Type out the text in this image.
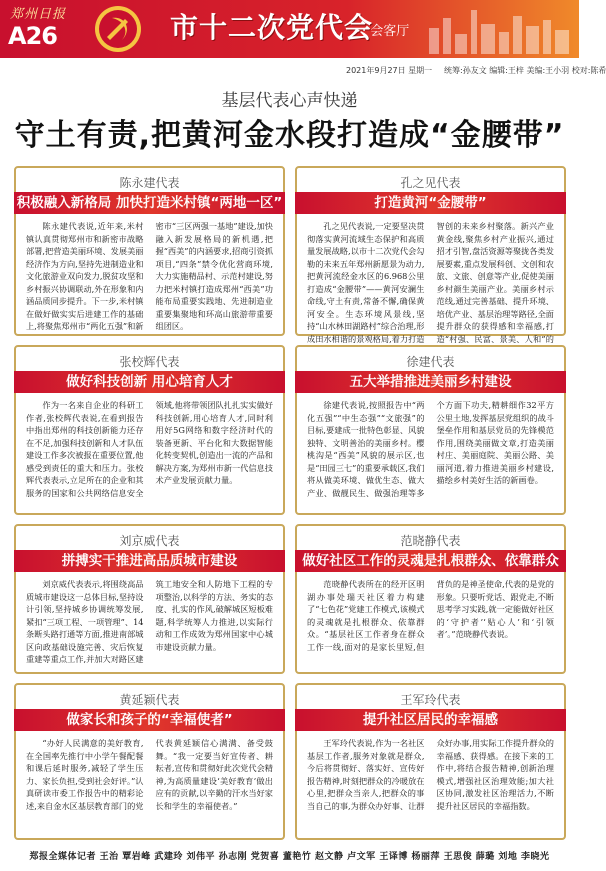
郑州日报
A26	市十二次党代会
· 会客厅
2021年9月27日 星期一 统筹:孙友文 编辑:王梓 美编:王小羽 校对:陈希
基层代表心声快递
守土有责,把黄河金水段打造成“金腰带”
陈永建代表
积极融入新格局 加快打造米村镇“两地一区”
陈永建代表说,近年来,米村镇认真贯彻郑州市和新密市战略部署,把营造美丽环境、发展美丽经济作为方向,坚持先进制造业和文化旅游业双向发力,脱贫攻坚和乡村振兴协调联动,外在形象和内涵品质同步提升。下一步,米村镇在做好做实实后进建工作的基础上,将聚焦郑州市“两化五强”和新密市“三区两强一基地”建设,加快融入新发展格局的新机遇,把握“西美”的内涵要求,招商引资抓项目,“四条”禁令优化营商环境,大力实施精品村、示范村建设,努力把米村镇打造成郑州“西美”功能布局重要实践地、先进制造业重要集聚地和环高山旅游带重要组团区。
孔之见代表
打造黄河“金腰带”
孔之见代表说,一定要坚决贯彻落实黄河流域生态保护和高质量发展战略,以市十二次党代会勾勒的未来五年郑州新愿景为动力,把黄河流经金水区的6.968公里打造成“金腰带”——黄河安澜生命线,守土有责,常备不懈,确保黄河安全。生态环境风景线,坚持“山水林田湖路村”综合治理,形成田水相谐的景观格局,着力打造 智创的未来乡村聚落。新兴产业黄金线,聚焦乡村产业振兴,通过招才引智,盘活资源等聚拢各类发展要素,重点发展科创、文创和农旅、文旅、创意等产业,促使美丽乡村颜生美丽产业。美丽乡村示范线,通过完善基础、提升环境、培优产业、基层治理等路径,全面提升群众的获得感和幸福感,打造“村强、民富、景美、人和”的
张校辉代表
做好科技创新 用心培育人才
作为一名来自企业的科研工作者,张校辉代表说,在看到报告中指出郑州的科技创新能力还存在不足,加强科技创新和人才队伍建设工作多次被报在重要位置,他感受到责任的重大和压力。张校辉代表表示,立足所在的企业和其服务的国家和公共网络信息安全领域,他将带领团队扎扎实实做好科技创新,用心培育人才,同时利用好5G网络和数字经济时代的装备更新、平台化和大数据智能化转变契机,创造出一流的产品和解决方案,为郑州市新一代信息技术产业发展贡献力量。
徐建代表
五大举措推进美丽乡村建设
徐建代表说,按照报告中“两化五强”“中生态强”“文旅强”的目标,要建成一批特色彰显、风貌独特、文明善治的美丽乡村。樱桃沟是“西美”风貌的展示区,也是“田园三七”的重要承载区,我们将从做美环境、做优生态、做大产业、做靓民生、做强治理等多个方面下功夫,精耕细作32平方公里土地,发挥基层党组织的战斗堡垒作用和基层党员的先锋模范作用,围绕美丽做文章,打造美丽村庄、美丽庭院、美丽公路、美丽河道,着力推进美丽乡村建设,描绘乡村美好生活的新画卷。
刘京威代表
拼搏实干推进高品质城市建设
刘京威代表表示,将围绕高品质城市建设这一总体目标,坚持设计引领,坚持城乡协调统筹发展,紧扣“三项工程、一项管理”、14条断头路打通等方面,推进南部城区向政基础设施完善、灾后恢复重建等重点工作,并加大对路区建筑工地安全和人防地下工程的专项整治,以科学的方法、务实的态度、扎实的作风,破解城区短板难题,科学统筹人力推进,以实际行动和工作成效为郑州国家中心城市建设贡献力量。
范晓静代表
做好社区工作的灵魂是扎根群众、依靠群众
范晓静代表所在的经开区明湖办事处瑞天社区着力构建了“七色花”党建工作模式,该模式的灵魂就是扎根群众、依靠群众。“基层社区工作者身在群众工作一线,面对的是家长里短,但背负的是神圣使命,代表的是党的形象。只要听党话、跟党走,不断思考学习实践,就一定能做好社区的‘守护者’‘贴心人’和‘引领者’。”范晓静代表说。
黄延颖代表
做家长和孩子的“幸福使者”
“办好人民满意的美好教育,在全国率先推行中小学午餐配餐和课后延时服务,减轻了学生压力、家长负担,受到社会好评。”认真研读市委工作报告中的精彩论述,来自金水区基层教育部门的党代表黄延颖信心满满、备受鼓舞。“我一定要当好宣传者、耕耘者,宣传和贯彻好此次党代会精神,为高质量建设‘美好教育’做出应有的贡献,以辛勤的汗水当好家长和学生的幸福使者。”
王军玲代表
提升社区居民的幸福感
王军玲代表说,作为一名社区基层工作者,服务对象就是群众,今后将贯彻好、落实好、宣传好报告精神,时刻把群众的冷暖放在心里,把群众当亲人,把群众的事当自己的事,为群众办好事、让群众好办事,用实际工作提升群众的幸福感、获得感。在接下来的工作中,将结合报告精神,创新治理模式,增强社区治理效能;加大社区协同,激发社区治理活力,不断提升社区居民的幸福指数。
郑报全媒体记者 王治 覃岩峰 武建玲 刘伟平 孙志刚 党贺喜 董艳竹 赵文静 卢文军 王译博 杨丽萍 王思俊 薛璐 刘地 李晓光
